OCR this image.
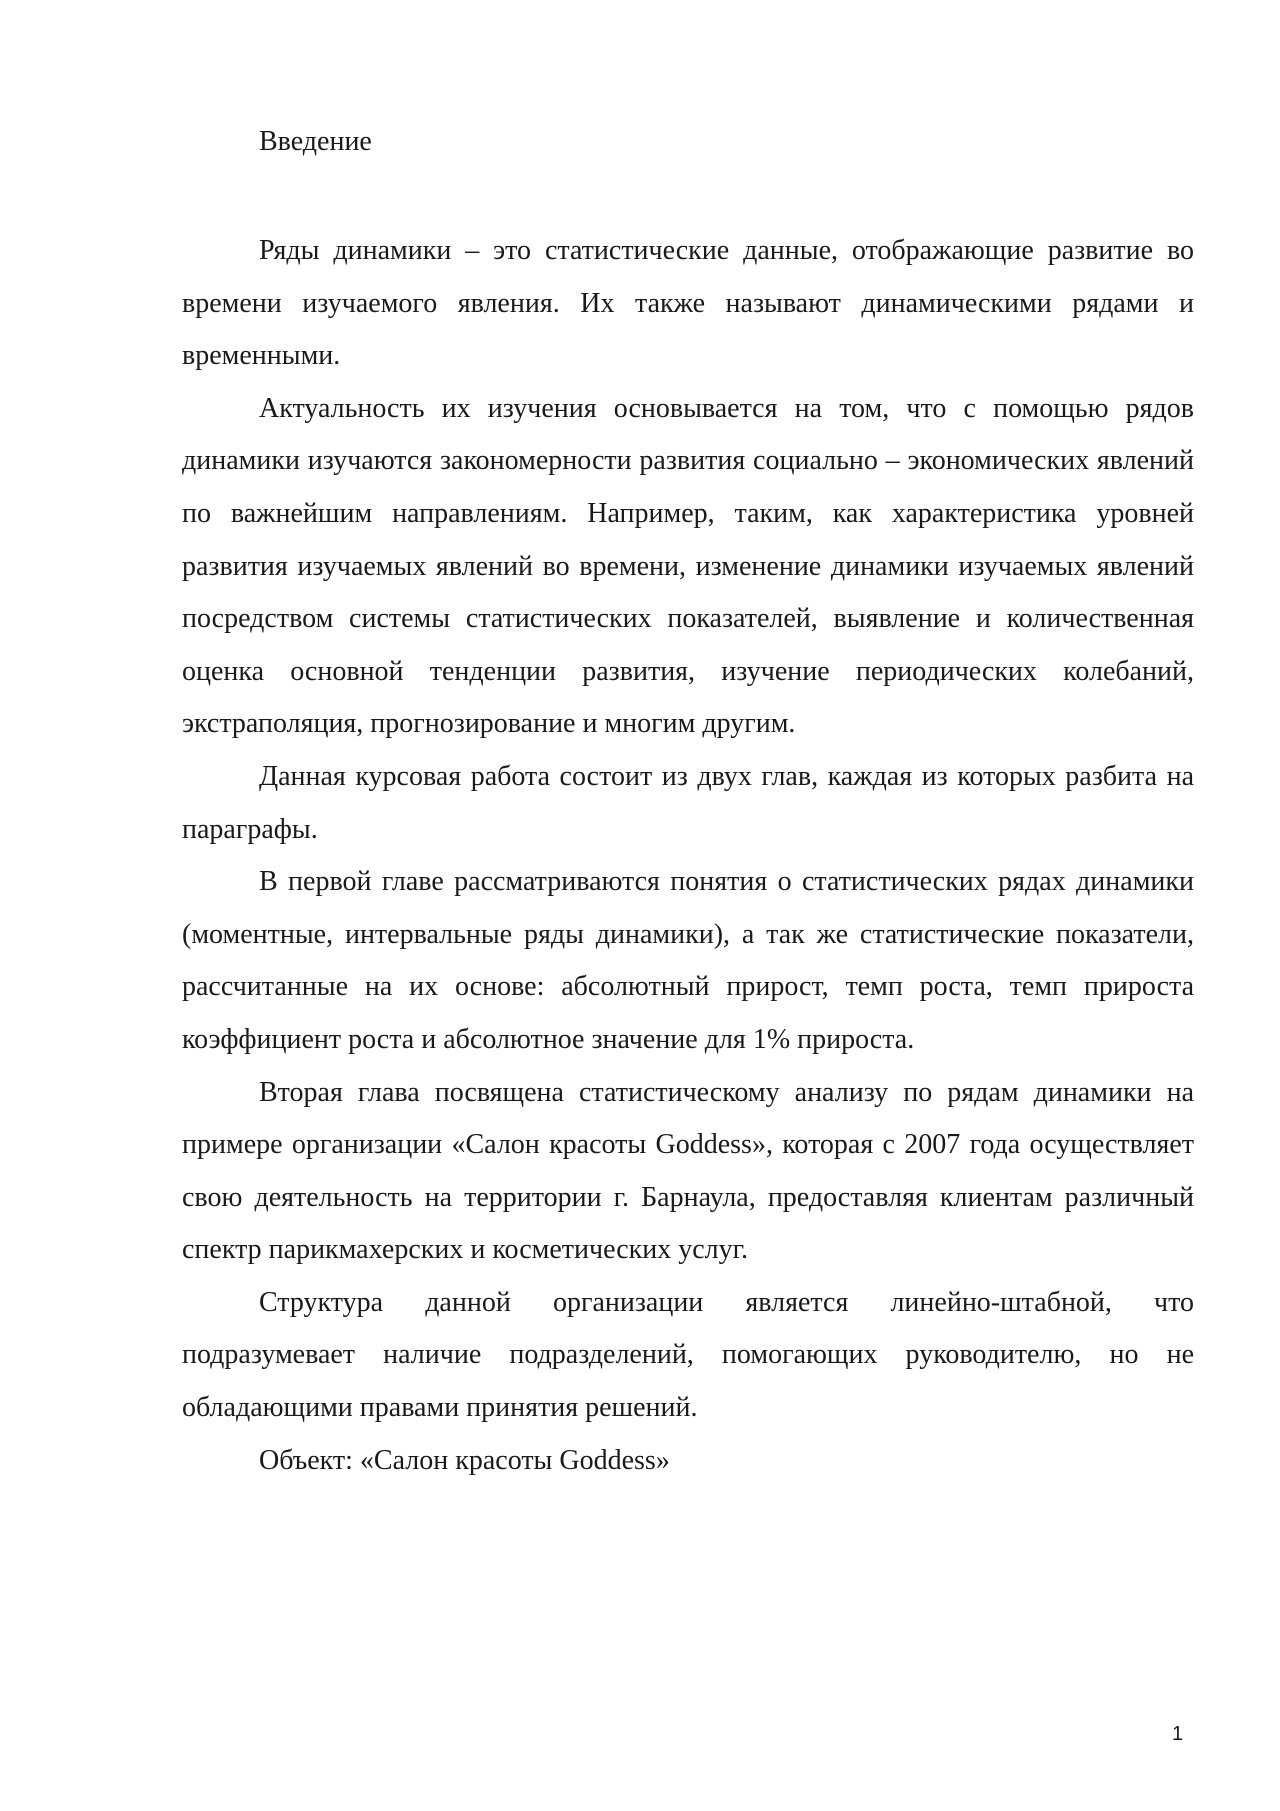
Введение

Ряды динамики – это статистические данные, отображающие развитие во времени изучаемого явления. Их также называют динамическими рядами и временными.

Актуальность их изучения основывается на том, что с помощью рядов динамики изучаются закономерности развития социально – экономических явлений по важнейшим направлениям. Например, таким, как характеристика уровней развития изучаемых явлений во времени, изменение динамики изучаемых явлений посредством системы статистических показателей, выявление и количественная оценка основной тенденции развития, изучение периодических колебаний, экстраполяция, прогнозирование и многим другим.

Данная курсовая работа состоит из двух глав, каждая из которых разбита на параграфы.

В первой главе рассматриваются понятия о статистических рядах динамики (моментные, интервальные ряды динамики), а так же статистические показатели, рассчитанные на их основе: абсолютный прирост, темп роста, темп прироста коэффициент роста и абсолютное значение для 1% прироста.

Вторая глава посвящена статистическому анализу по рядам динамики на примере организации «Салон красоты Goddess», которая с 2007 года осуществляет свою деятельность на территории г. Барнаула, предоставляя клиентам различный спектр парикмахерских и косметических услуг.

Структура данной организации является линейно-штабной, что подразумевает наличие подразделений, помогающих руководителю, но не обладающими правами принятия решений.

Объект: «Салон красоты Goddess»

1
